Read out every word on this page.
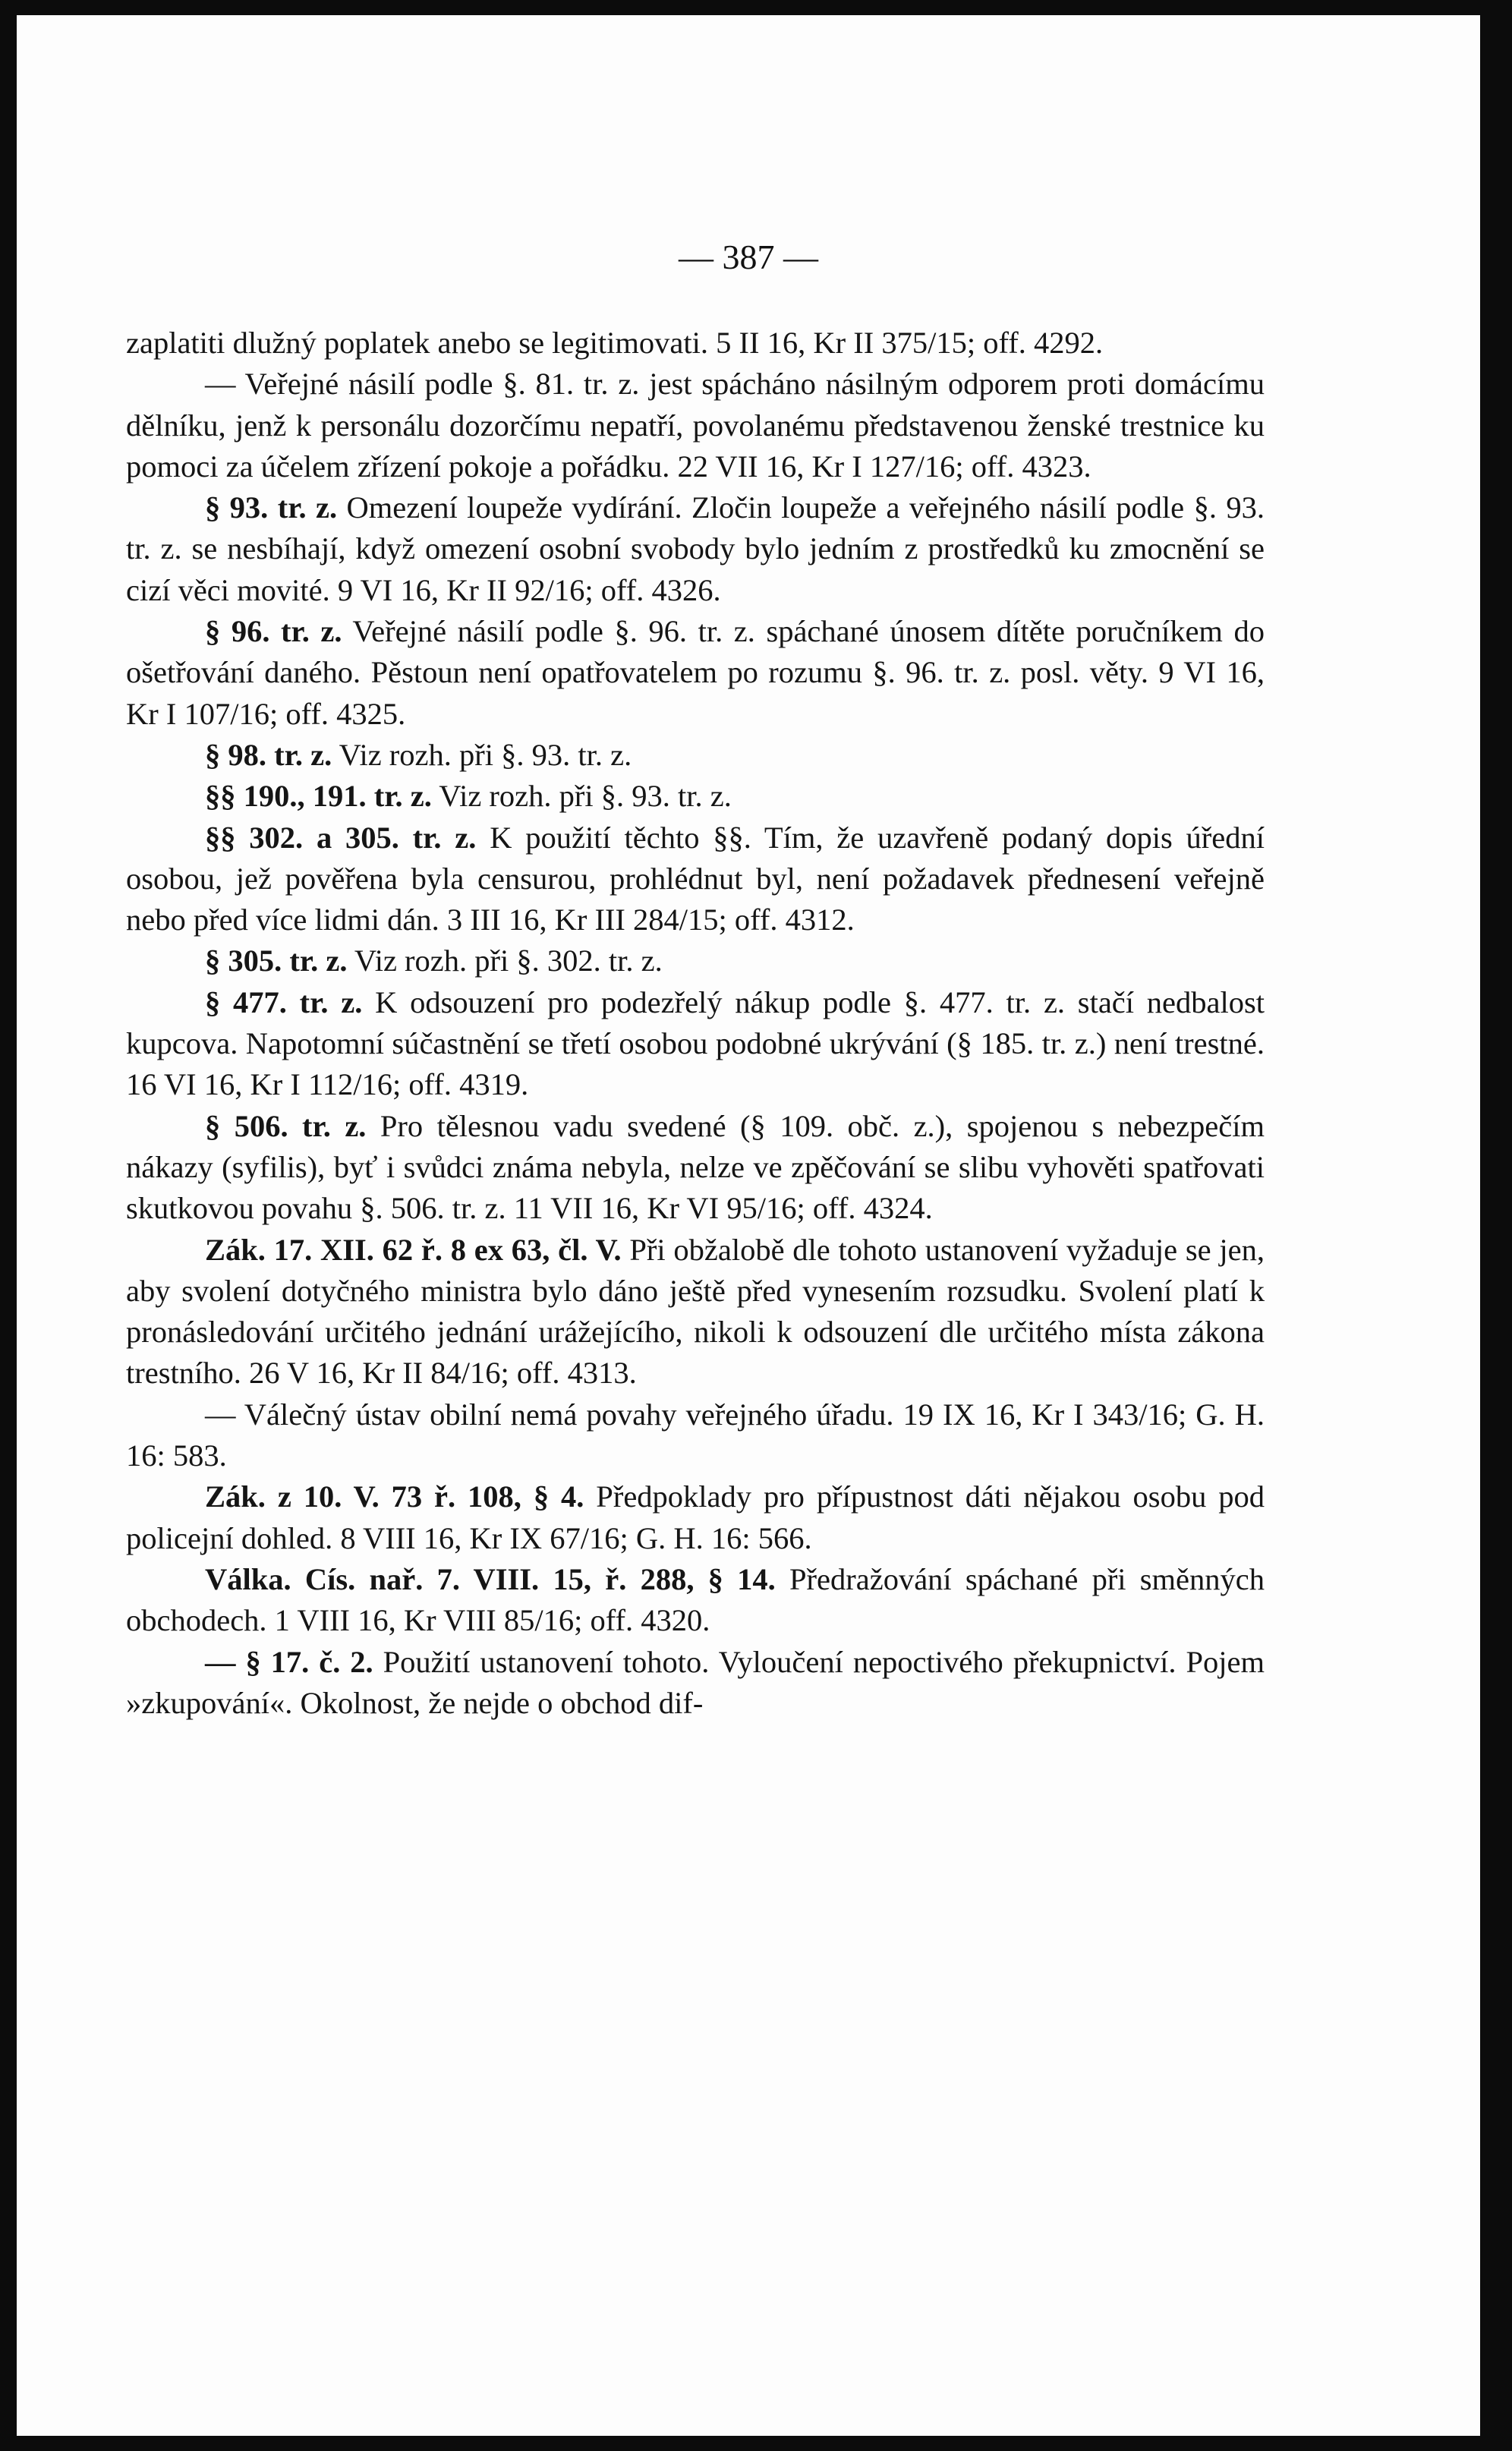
— 387 —

zaplatiti dlužný poplatek anebo se legitimovati. 5 II 16, Kr II 375/15; off. 4292.

— Veřejné násilí podle §. 81. tr. z. jest spácháno násilným odporem proti domácímu dělníku, jenž k personálu dozorčímu nepatří, povolanému představenou ženské trestnice ku pomoci za účelem zřízení pokoje a pořádku. 22 VII 16, Kr I 127/16; off. 4323.

§ 93. tr. z. Omezení loupeže vydírání. Zločin loupeže a veřejného násilí podle §. 93. tr. z. se nesbíhají, když omezení osobní svobody bylo jedním z prostředků ku zmocnění se cizí věci movité. 9 VI 16, Kr II 92/16; off. 4326.

§ 96. tr. z. Veřejné násilí podle §. 96. tr. z. spáchané únosem dítěte poručníkem do ošetřování daného. Pěstoun není opatřovatelem po rozumu §. 96. tr. z. posl. věty. 9 VI 16, Kr I 107/16; off. 4325.

§ 98. tr. z. Viz rozh. při §. 93. tr. z.

§§ 190., 191. tr. z. Viz rozh. při §. 93. tr. z.

§§ 302. a 305. tr. z. K použití těchto §§. Tím, že uzavřeně podaný dopis úřední osobou, jež pověřena byla censurou, prohlédnut byl, není požadavek přednesení veřejně nebo před více lidmi dán. 3 III 16, Kr III 284/15; off. 4312.

§ 305. tr. z. Viz rozh. při §. 302. tr. z.

§ 477. tr. z. K odsouzení pro podezřelý nákup podle §. 477. tr. z. stačí nedbalost kupcova. Napotomní súčastnění se třetí osobou podobné ukrývání (§ 185. tr. z.) není trestné. 16 VI 16, Kr I 112/16; off. 4319.

§ 506. tr. z. Pro tělesnou vadu svedené (§ 109. obč. z.), spojenou s nebezpečím nákazy (syfilis), byť i svůdci známa nebyla, nelze ve zpěčování se slibu vyhověti spatřovati skutkovou povahu §. 506. tr. z. 11 VII 16, Kr VI 95/16; off. 4324.

Zák. 17. XII. 62 ř. 8 ex 63, čl. V. Při obžalobě dle tohoto ustanovení vyžaduje se jen, aby svolení dotyčného ministra bylo dáno ještě před vynesením rozsudku. Svolení platí k pronásledování určitého jednání urážejícího, nikoli k odsouzení dle určitého místa zákona trestního. 26 V 16, Kr II 84/16; off. 4313.

— Válečný ústav obilní nemá povahy veřejného úřadu. 19 IX 16, Kr I 343/16; G. H. 16: 583.

Zák. z 10. V. 73 ř. 108, § 4. Předpoklady pro přípustnost dáti nějakou osobu pod policejní dohled. 8 VIII 16, Kr IX 67/16; G. H. 16: 566.

Válka. Cís. nař. 7. VIII. 15, ř. 288, § 14. Předražování spáchané při směnných obchodech. 1 VIII 16, Kr VIII 85/16; off. 4320.

— § 17. č. 2. Použití ustanovení tohoto. Vyloučení nepoctivého překupnictví. Pojem »zkupování«. Okolnost, že nejde o obchod dif-
